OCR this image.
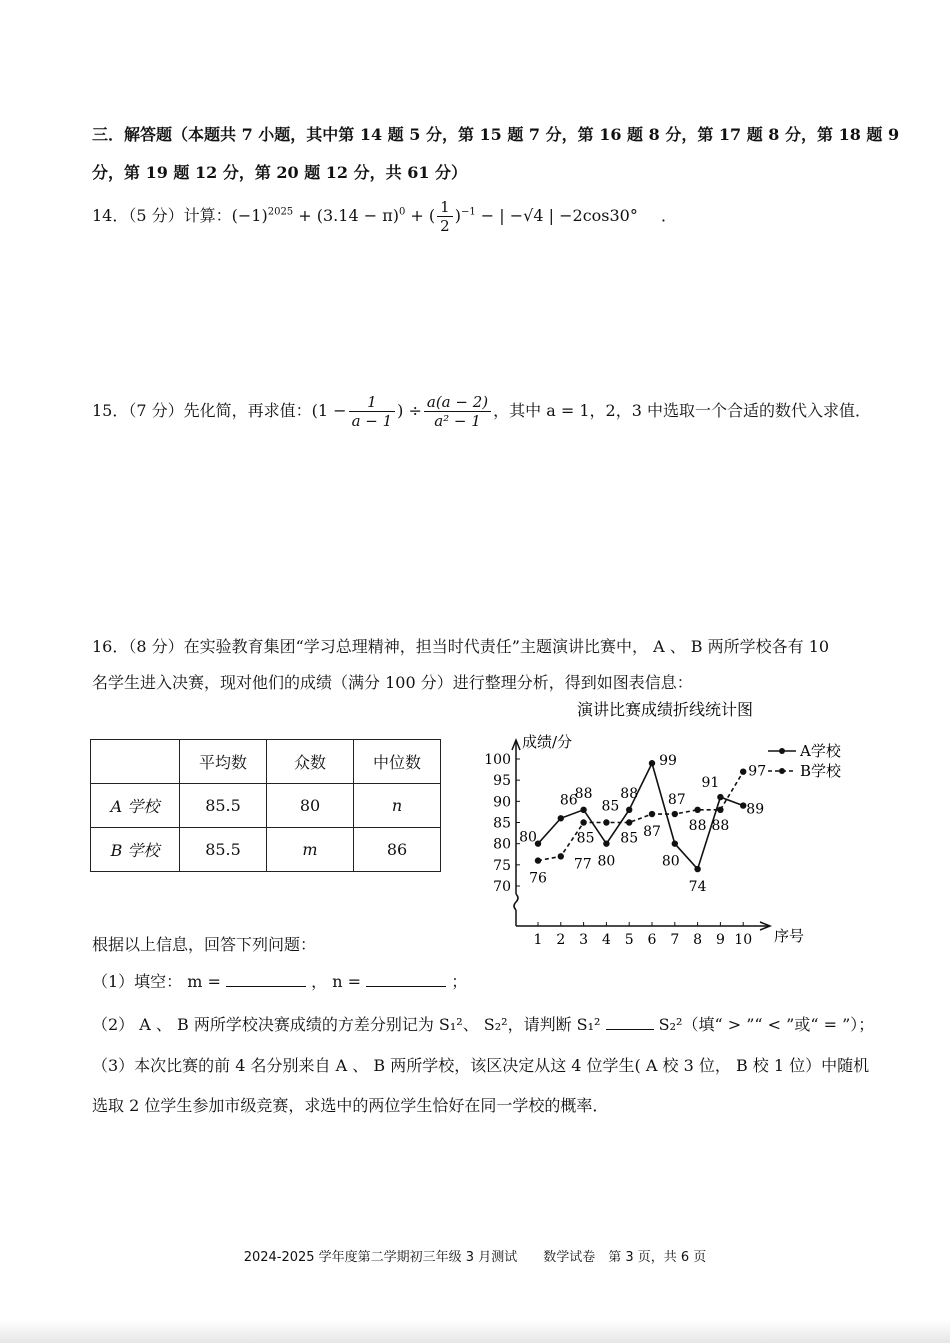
三．解答题（本题共 7 小题，其中第 14 题 5 分，第 15 题 7 分，第 16 题 8 分，第 17 题 8 分，第 18 题 9
分，第 19 题 12 分，第 20 题 12 分，共 61 分）
14．（5 分）计算：$(-1)^{2025} + (3.14 - \pi)^0$ + ( $\frac{1}{2} )^{-1}$ − | −√4 | −2cos30° ．
15．（7 分）先化简，再求值：($1 - \frac{1}{a - 1}$ ) ÷ $\frac{a(a - 2)}{\text{a² − 1}}$ ，其中 a = 1，2，3 中选取一个合适的数代入求值．
16．（8 分）在实验教育集团“学习总理精神，担当时代责任”主题演讲比赛中， A 、 B 两所学校各有 10
名学生进入决赛，现对他们的成绩（满分 100 分）进行整理分析，得到如图表信息：
	平均数	众数	中位数
A 学校	85.5	80	n
B 学校	85.5	m	86
演讲比赛成绩折线统计图
成绩/分
序号
70
75
80
85
90
95
100
1 2 3 4 5 6 7 8 9 10
80
86
88
80
88
99
80
74
91
89
76
77
85
85
85 87
87
88 88
97
A学校
B学校
根据以上信息，回答下列问题：
（1）填空： m =	， n =	；
（2） A 、 B 两所学校决赛成绩的方差分别记为 S₁²、 S₂²，请判断 S₁²	S₂²（填“ > ”“ < ”或“ = ”）；
（3）本次比赛的前 4 名分别来自 A 、 B 两所学校，该区决定从这 4 位学生( A 校 3 位， B 校 1 位）中随机
选取 2 位学生参加市级竞赛，求选中的两位学生恰好在同一学校的概率．
2024-2025 学年度第二学期初三年级 3 月测试　　数学试卷　第 3 页，共 6 页
